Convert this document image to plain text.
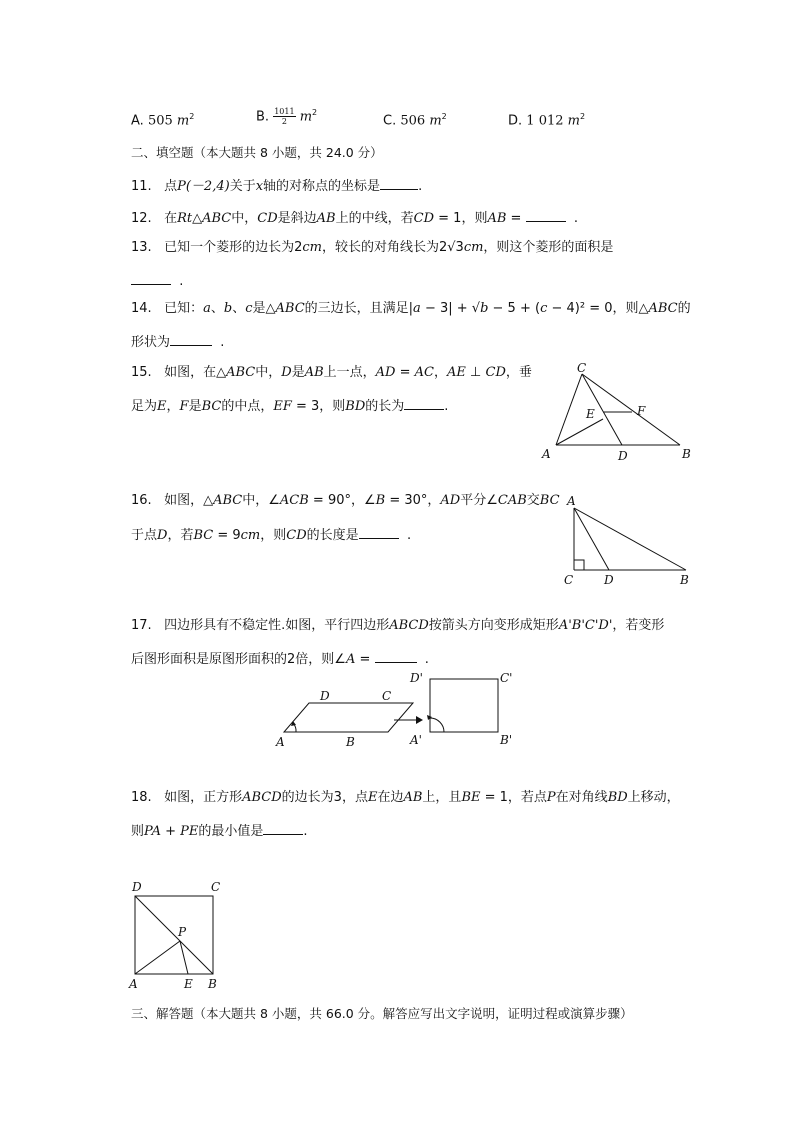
A. 505 $m^2$	B. $\frac{1011}{2} m^2$
C. 506 $m^2$	D. 1 012 $m^2$
二、填空题（本大题共 8 小题，共 24.0 分）
11. 点P(－2,4)关于x轴的对称点的坐标是	.
12. 在Rt△ABC中，CD是斜边AB上的中线，若CD = 1，则AB =	.
13. 已知一个菱形的边长为2cm，较长的对角线长为2√3cm，则这个菱形的面积是
.
14. 已知：a、b、c是△ABC的三边长，且满足|a − 3| + √b − 5 + (c − 4)² = 0，则△ABC的
形状为	.
15. 如图，在△ABC中，D是AB上一点，AD = AC，AE ⊥ CD，垂
足为E，F是BC的中点，EF = 3，则BD的长为	.
C
A	B
D
E	F
16. 如图，△ABC中，∠ACB = 90°，∠B = 30°，AD平分∠CAB交BC
于点D，若BC = 9cm，则CD的长度是	.
A
C	D	B
17. 四边形具有不稳定性.如图，平行四边形ABCD按箭头方向变形成矩形A'B'C'D'，若变形
后图形面积是原图形面积的2倍，则∠A =	.
A	B
C
D
A'	B'
C'
D'
18. 如图，正方形ABCD的边长为3，点E在边AB上，且BE = 1，若点P在对角线BD上移动，
则PA + PE的最小值是	.
D	C
P
A	E B
三、解答题（本大题共 8 小题，共 66.0 分。解答应写出文字说明，证明过程或演算步骤）
